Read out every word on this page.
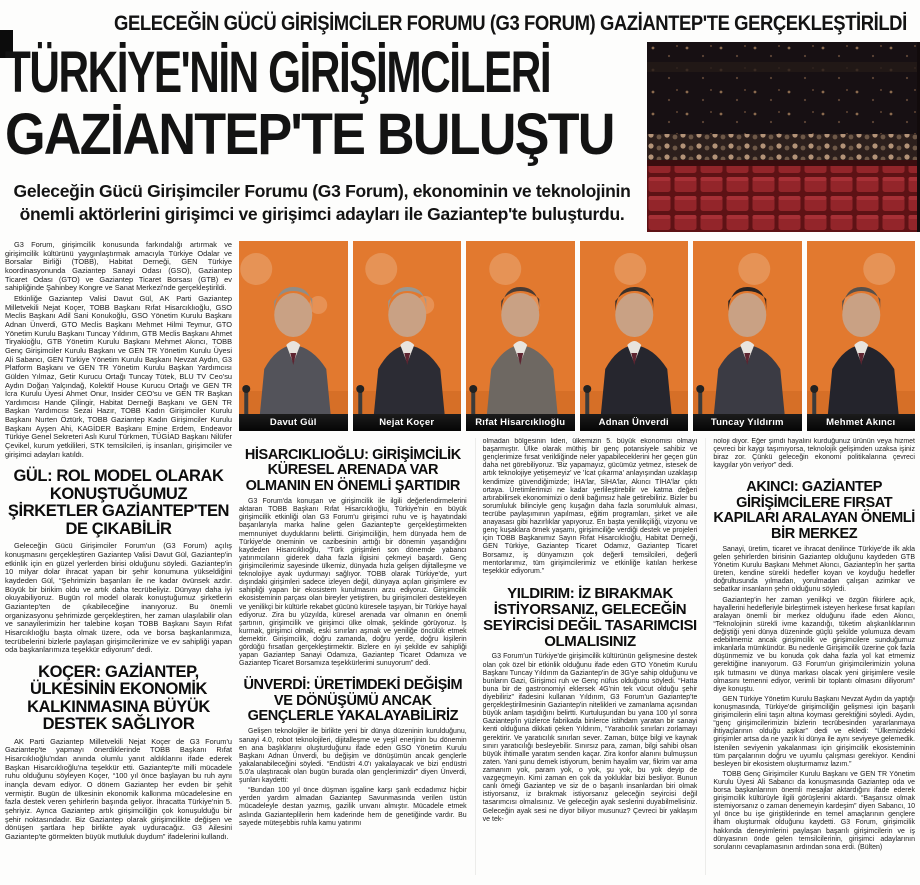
GELECEĞİN GÜCÜ GİRİŞİMCİLER FORUMU (G3 FORUM) GAZİANTEP'TE GERÇEKLEŞTİRİLDİ
TÜRKİYE'NİN GİRİŞİMCİLERİ
GAZİANTEP'TE BULUŞTU

Geleceğin Gücü Girişimciler Forumu (G3 Forum), ekonominin ve teknolojinin önemli aktörlerini girişimci ve girişimci adayları ile Gaziantep'te buluşturdu.

G3 Forum, girişimcilik konusunda farkındalığı artırmak ve girişimcilik kültürünü yaygınlaştırmak amacıyla Türkiye Odalar ve Borsalar Birliği (TOBB), Habitat Derneği, GEN Türkiye koordinasyonunda Gaziantep Sanayi Odası (GSO), Gaziantep Ticaret Odası (GTO) ve Gaziantep Ticaret Borsası (GTB) ev sahipliğinde Şahinbey Kongre ve Sanat Merkezi'nde gerçekleştirildi.

Etkinliğe Gaziantep Valisi Davut Gül, AK Parti Gaziantep Milletvekili Nejat Koçer, TOBB Başkanı Rıfat Hisarcıklıoğlu, GSO Meclis Başkanı Adil Sani Konukoğlu, GSO Yönetim Kurulu Başkanı Adnan Ünverdi, GTO Meclis Başkanı Mehmet Hilmi Teymur, GTO Yönetim Kurulu Başkanı Tuncay Yıldırım, GTB Meclis Başkanı Ahmet Tiryakioğlu, GTB Yönetim Kurulu Başkanı Mehmet Akıncı, TOBB Genç Girişimciler Kurulu Başkanı ve GEN TR Yönetim Kurulu Üyesi Ali Sabancı, GEN Türkiye Yönetim Kurulu Başkanı Nevzat Aydın, G3 Platform Başkanı ve GEN TR Yönetim Kurulu Başkan Yardımcısı Gülden Yılmaz, Getir Kurucu Ortağı Tuncay Tütek, BLU TV Ceo'su Aydın Doğan Yalçındağ, Kolektif House Kurucu Ortağı ve GEN TR İcra Kurulu Üyesi Ahmet Onur, Insider CEO'su ve GEN TR Başkan Yardımcısı Hande Çilingir, Habitat Derneği Başkanı ve GEN TR Başkan Yardımcısı Sezai Hazır, TOBB Kadın Girişimciler Kurulu Başkanı Nurten Öztürk, TOBB Gaziantep Kadın Girişimciler Kurulu Başkanı Ayşen Ahi, KAGİDER Başkanı Emine Erdem, Endeavor Türkiye Genel Sekreteri Aslı Kurul Türkmen, TÜGİAD Başkanı Nilüfer Çevikel, kurum yetkilileri, STK temsilcileri, iş insanları, girişimciler ve girişimci adayları katıldı.

GÜL: ROL MODEL OLARAK KONUŞTUĞUMUZ ŞİRKETLER GAZİANTEP'TEN DE ÇIKABİLİR

Geleceğin Gücü Girişimciler Forum'un (G3 Forum) açılış konuşmasını gerçekleştiren Gaziantep Valisi Davut Gül, Gaziantep'in etkinlik için en güzel yerlerden birisi olduğunu söyledi. Gaziantep'in 10 milyar dolar ihracat yapan bir şehir konumuna yükseldiğini kaydeden Gül, “Şehrimizin başarıları ile ne kadar övünsek azdır. Büyük bir birikim oldu ve artık daha tecrübeliyiz. Dünyayı daha iyi okuyabiliyoruz. Bugün rol model olarak konuştuğumuz şirketlerin Gaziantep'ten de çıkabileceğine inanıyoruz. Bu önemli organizasyonu şehrimizde gerçekleştiren, her zaman ulaşılabilir olan ve sanayilerimizin her talebine koşan TOBB Başkanı Sayın Rıfat Hisarcıklıoğlu başta olmak üzere, oda ve borsa başkanlarımıza, tecrübelerini bizlerle paylaşan girişimcilerimize ve ev sahipliği yapan oda başkanlarımıza teşekkür ediyorum” dedi.

KOÇER: GAZİANTEP, ÜLKESİNİN EKONOMİK KALKINMASINA BÜYÜK DESTEK SAĞLIYOR

AK Parti Gaziantep Milletvekili Nejat Koçer de G3 Forum'u Gaziantep'te yapmayı önerdiklerinde TOBB Başkanı Rıfat Hisarcıklıoğlu'ndan anında olumlu yanıt aldıklarını ifade ederek Başkan Hisarcıklıoğlu'na teşekkür etti. Gaziantep'te milli mücadele ruhu olduğunu söyleyen Koçer, “100 yıl önce başlayan bu ruh aynı inançla devam ediyor. O dönem Gaziantep her evden bir şehit vermiştir. Bugün de ülkesinin ekonomik kalkınma mücadelesine en fazla destek veren şehirlerin başında geliyor. İhracatta Türkiye'nin 5. şehriyiz. Ayrıca Gaziantep artık girişimciliğin çok konuşulduğu bir şehir noktasındadır. Biz Gaziantep olarak girişimcilikte değişen ve dönüşen şartlara hep birlikte ayak uyduracağız. G3 Ailesini Gaziantep'te görmekten büyük mutluluk duydum” ifadelerini kullandı.

Davut Gül	Nejat Koçer	Rıfat Hisarcıklıoğlu	Adnan Ünverdi	Tuncay Yıldırım	Mehmet Akıncı
HİSARCIKLIOĞLU: GİRİŞİMCİLİK KÜRESEL ARENADA VAR OLMANIN EN ÖNEMLİ ŞARTIDIR

G3 Forum'da konuşan ve girişimcilik ile ilgili değerlendirmelerini aktaran TOBB Başkanı Rıfat Hisarcıklıoğlu, Türkiye'nin en büyük girişimcilik etkinliği olan G3 Forum'u girişimci ruhu ve iş hayatındaki başarılarıyla marka haline gelen Gaziantep'te gerçekleştirmekten memnuniyet duyduklarını belirtti. Girişimciliğin, hem dünyada hem de Türkiye'de öneminin ve cazibesinin arttığı bir dönemin yaşandığını kaydeden Hisarcıklıoğlu, “Türk girişimleri son dönemde yabancı yatırımcıların giderek daha fazla ilgisini çekmeyi başardı. Genç girişimcilerimiz sayesinde ülkemiz, dünyada hızla gelişen dijitalleşme ve teknolojiye ayak uydurmayı sağlıyor. TOBB olarak Türkiye'de, yurt dışındaki girişimleri sadece izleyen değil, dünyaya açılan girişimlere ev sahipliği yapan bir ekosistem kurulmasını arzu ediyoruz. Girişimcilik ekosisteminin parçası olan bireyler yetiştiren, bu girişimcileri destekleyen ve yenilikçi bir kültürle rekabet gücünü küresele taşıyan, bir Türkiye hayal ediyoruz. Zira bu yüzyılda, küresel arenada var olmanın en önemli şartının, girişimcilik ve girişimci ülke olmak, şeklinde görüyoruz. İş kurmak, girişimci olmak, eski sınırları aşmak ve yeniliğe öncülük etmek demektir. Girişimcilik, doğru zamanda, doğru yerde, doğru kişilerin gördüğü fırsatları gerçekleştirmektir. Bizlere en iyi şekilde ev sahipliği yapan Gaziantep Sanayi Odamıza, Gaziantep Ticaret Odamıza ve Gaziantep Ticaret Borsamıza teşekkürlerimi sunuyorum” dedi.

ÜNVERDİ: ÜRETİMDEKİ DEĞİŞİM VE DÖNÜŞÜMÜ ANCAK GENÇLERLE YAKALAYABİLİRİZ

Gelişen teknolojiler ile birlikte yeni bir dünya düzeninin kurulduğunu, sanayi 4.0, robot teknolojileri, dijitalleşme ve yeşil enerjinin bu dönemin en ana başlıklarını oluşturduğunu ifade eden GSO Yönetim Kurulu Başkanı Adnan Ünverdi, bu değişim ve dönüşümün ancak gençlerle yakalanabileceğini söyledi. “Endüstri 4.0'ı yakalayacak ve bizi endüstri 5.0'a ulaştıracak olan bugün burada olan gençlerimizdir” diyen Ünverdi, şunları kaydetti:

“Bundan 100 yıl önce düşman işgaline karşı şanlı ecdadımız hiçbir yerden yardım almadan Gaziantep Savunmasında verilen üstün mücadeleyle destan yazmış, gazilik unvanı almıştır. Mücadele etmek aslında Gazianteplilerin hem kaderinde hem de genetiğinde vardır. Bu sayede müteşebbis ruhla kamu yatırımı

olmadan bölgesinin lideri, ülkemizin 5. büyük ekonomisi olmayı başarmıştır. Ülke olarak müthiş bir genç potansiyele sahibiz ve gençlerimize fırsat verildiğinde neler yapabileceklerini her geçen gün daha net görebiliyoruz. 'Biz yapamayız, gücümüz yetmez, istesek de artık teknolojiye yetişemeyiz' ve 'İcat çıkarma' anlayışından uzaklaşıp kendimize güvendiğimizde; İHA'lar, SİHA'lar, Akıncı TİHA'lar çıktı ortaya. Üretimlerimizi ne kadar yerlileştirebilir ve katma değeri artırabilirsek ekonomimizi o denli bağımsız hale getirebiliriz. Bizler bu sorumluluk bilinciyle genç kuşağın daha fazla sorumluluk alması, tecrübe paylaşımının yapılması, eğitim programları, şirket ve aile anayasası gibi hazırlıklar yapıyoruz. En başta yenilikçiliği, vizyonu ve genç kuşaklara örnek yaşamı, girişimciliğe verdiği destek ve projeleri için TOBB Başkanımız Sayın Rıfat Hisarcıklıoğlu, Habitat Derneği, GEN Türkiye, Gaziantep Ticaret Odamız, Gaziantep Ticaret Borsamız, iş dünyamızın çok değerli temsilcileri, değerli mentorlarımız, tüm girişimcilerimiz ve etkinliğe katılan herkese teşekkür ediyorum.”

YILDIRIM: İZ BIRAKMAK İSTİYORSANIZ, GELECEĞİN SEYİRCİSİ DEĞİL TASARIMCISI OLMALISINIZ

G3 Forum'un Türkiye'de girişimcilik kültürünün gelişmesine destek olan çok özel bir etkinlik olduğunu ifade eden GTO Yönetim Kurulu Başkanı Tuncay Yıldırım da Gaziantep'in de 3G'ye sahip olduğunu ve bunların Gazi, Girişimci ruh ve Genç nüfus olduğunu söyledi. “Hatta buna bir de gastronomiyi eklersek 4G'nin tek vücut olduğu şehir diyebiliriz” ifadesini kullanan Yıldırım, G3 Forum'un Gaziantep'te gerçekleştirilmesinin Gaziantep'in nitelikleri ve zamanlama açısından büyük anlam taşıdığını belirtti. Kurtuluşundan bu yana 100 yıl sonra Gaziantep'in yüzlerce fabrikada binlerce istihdam yaratan bir sanayi kenti olduğuna dikkati çeken Yıldırım, “Yaratıcılık sınırları zorlamayı gerektirir. Ve yaratıcılık sınırları sever. Zaman, bütçe bilgi ve kaynak sınırı yaratıcılığı besleyebilir. Sınırsız para, zaman, bilgi sahibi olsan büyük ihtimalle yaratım senden kaçar. Zira konfor alanını bulmuşsun zaten. Yani şunu demek istiyorum, benim hayalim var, fikrim var ama zamanım yok, param yok, o yok, şu yok, bu yok deyip de vazgeçmeyin. Kimi zaman en çok da yokluklar bizi besliyor. Bunun canlı örneği Gaziantep ve siz de o başarılı insanlardan biri olmak istiyorsanız, iz bırakmak istiyorsanız geleceğin seyircisi değil tasarımcısı olmalısınız. Ve geleceğin ayak seslerini duyabilmelisiniz. Geleceğin ayak sesi ne diyor biliyor musunuz? Çevreci bir yaklaşım ve tek-

noloji diyor. Eğer şimdi hayalini kurduğunuz ürünün veya hizmet çevreci bir kaygı taşımıyorsa, teknolojik gelişimden uzaksa işiniz biraz zor. Çünkü geleceğin ekonomi politikalarına çevreci kaygılar yön veriyor” dedi.

AKINCI: GAZİANTEP GİRİŞİMCİLERE FIRSAT KAPILARI ARALAYAN ÖNEMLİ BİR MERKEZ

Sanayi, üretim, ticaret ve ihracat denilince Türkiye'de ilk akla gelen şehirlerden birisinin Gaziantep olduğunu kaydeden GTB Yönetim Kurulu Başkanı Mehmet Akıncı, Gaziantep'in her şartta üreten, kendine sürekli hedefler koyan ve koyduğu hedefler doğrultusunda yılmadan, yorulmadan çalışan azimkar ve sebatkar insanların şehri olduğunu söyledi.

Gaziantep'in her zaman yenilikçi ve özgün fikirlere açık, hayallerini hedefleriyle birleştirmek isteyen herkese fırsat kapıları aralayan önemli bir merkez olduğunu ifade eden Akıncı, “Teknolojinin sürekli ivme kazandığı, tüketim alışkanlıklarının değiştiği yeni dünya düzeninde güçlü şekilde yolumuza devam edebilmemiz ancak girişimcilik ve girişimcilere sunduğumuz imkanlarla mümkündür. Bu nedenle Girişimcilik üzerine çok fazla düşünmemiz ve bu konuda çok daha fazla yol kat etmemiz gerektiğine inanıyorum. G3 Forum'un girişimcilerimizin yoluna ışık tutmasını ve dünya markası olacak yeni girişimlere vesile olmasını temenni ediyor, verimli bir toplantı olmasını diliyorum” diye konuştu.

GEN Türkiye Yönetim Kurulu Başkanı Nevzat Aydın da yaptığı konuşmasında, Türkiye'de girişimciliğin gelişmesi için başarılı girişimcilerin elini taşın altına koyması gerektiğini söyledi. Aydın, “genç girişimcilerimizin bizlerin tecrübesinden yararlanmaya ihtiyaçlarının olduğu aşikar” dedi ve ekledi: “Ülkemizdeki girişimler artsa da ne yazık ki dünya ile aynı seviyeye gelemedik. İstenilen seviyenin yakalanması için girişimcilik ekosisteminin tüm parçalarının doğru ve uyumlu çalışması gerekiyor. Kendini besleyen bir ekosistem oluşturmamız lazım.”

TOBB Genç Girişimciler Kurulu Başkanı ve GEN TR Yönetim Kurulu Üyesi Ali Sabancı da konuşmasında Gaziantep oda ve borsa başkanlarının önemli mesajlar aktardığını ifade ederek girişimcilik kültürüyle ilgili görüşlerini aktardı. “Başarısız olmak istemiyorsanız o zaman denemeyin kardeşim” diyen Sabancı, 10 yıl önce bu işe giriştiklerinde en temel amaçlarının gençlere ilham oluşturmak olduğunu kaydetti. G3 Forum, girişimcilik hakkında deneyimlerini paylaşan başarılı girişimcilerin ve iş dünyasının önde gelen temsilcilerinin, girişimci adaylarının sorularını cevaplamasının ardından sona erdi. (Bülten)
